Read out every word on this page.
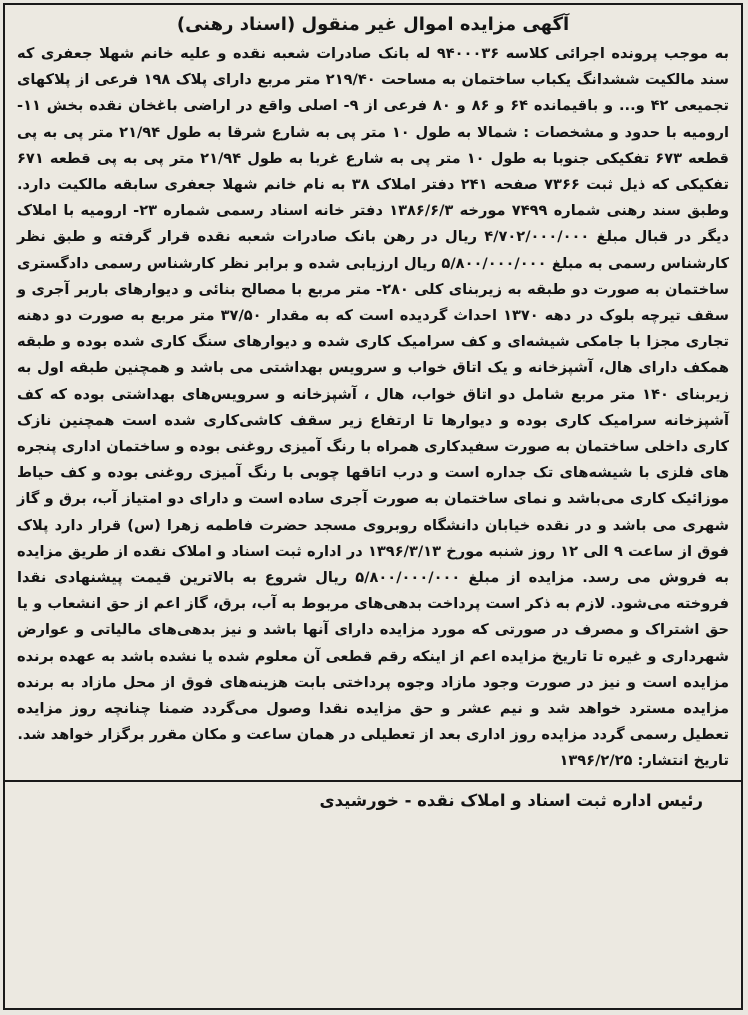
آگهی مزایده اموال غیر منقول (اسناد رهنی)

به موجب پرونده اجرائی کلاسه ۹۴۰۰۰۳۶ له بانک صادرات شعبه نقده و علیه خانم شهلا جعفری که سند مالکیت ششدانگ یکباب ساختمان به مساحت ۲۱۹/۴۰ متر مربع دارای پلاک ۱۹۸ فرعی از پلاکهای تجمیعی ۴۲ و... و باقیمانده ۶۴ و ۸۶ و ۸۰ فرعی از ۹- اصلی واقع در اراضی باغخان نقده بخش ۱۱- ارومیه با حدود و مشخصات : شمالا به طول ۱۰ متر پی به شارع شرقا به طول ۲۱/۹۴ متر پی به پی قطعه ۶۷۳ تفکیکی جنوبا به طول ۱۰ متر پی به شارع غربا به طول ۲۱/۹۴ متر پی به پی قطعه ۶۷۱ تفکیکی که ذیل ثبت ۷۳۶۶ صفحه ۲۴۱ دفتر املاک ۳۸ به نام خانم شهلا جعفری سابقه مالکیت دارد. وطبق سند رهنی شماره ۷۴۹۹ مورخه ۱۳۸۶/۶/۳ دفتر خانه اسناد رسمی شماره ۲۳- ارومیه با املاک دیگر در قبال مبلغ ۴/۷۰۲/۰۰۰/۰۰۰ ریال در رهن بانک صادرات شعبه نقده قرار گرفته و طبق نظر کارشناس رسمی به مبلغ ۵/۸۰۰/۰۰۰/۰۰۰ ریال ارزیابی شده و برابر نظر کارشناس رسمی دادگستری ساختمان به صورت دو طبقه به زیربنای کلی ۲۸۰- متر مربع با مصالح بنائی و دیوارهای باربر آجری و سقف تیرچه بلوک در دهه ۱۳۷۰ احداث گردیده است که به مقدار ۳۷/۵۰ متر مربع به صورت دو دهنه تجاری مجزا با جامکی شیشه‌ای و کف سرامیک کاری شده و دیوارهای سنگ کاری شده بوده و طبقه همکف دارای هال، آشپزخانه و یک اتاق خواب و سرویس بهداشتی می باشد و همچنین طبقه اول به زیربنای ۱۴۰ متر مربع شامل دو اتاق خواب، هال ، آشپزخانه و سرویس‌های بهداشتی بوده که کف آشپزخانه سرامیک کاری بوده و دیوارها تا ارتفاع زیر سقف کاشی‌کاری شده است همچنین نازک کاری داخلی ساختمان به صورت سفیدکاری همراه با رنگ آمیزی روغنی بوده و ساختمان اداری پنجره های فلزی با شیشه‌های تک جداره است و درب اتاقها چوبی با رنگ آمیزی روغنی بوده و کف حیاط موزائیک کاری می‌باشد و نمای ساختمان به صورت آجری ساده است و دارای دو امتیاز آب، برق و گاز شهری می باشد و در نقده خیابان دانشگاه روبروی مسجد حضرت فاطمه زهرا (س) قرار دارد پلاک فوق از ساعت ۹ الی ۱۲ روز شنبه مورخ ۱۳۹۶/۳/۱۳ در اداره ثبت اسناد و املاک نقده از طریق مزایده به فروش می رسد. مزایده از مبلغ ۵/۸۰۰/۰۰۰/۰۰۰ ریال شروع به بالاترین قیمت پیشنهادی نقدا فروخته می‌شود. لازم به ذکر است پرداخت بدهی‌های مربوط به آب، برق، گاز اعم از حق انشعاب و یا حق اشتراک و مصرف در صورتی که مورد مزایده دارای آنها باشد و نیز بدهی‌های مالیاتی و عوارض شهرداری و غیره تا تاریخ مزایده اعم از اینکه رقم قطعی آن معلوم شده یا نشده باشد به عهده برنده مزایده است و نیز در صورت وجود مازاد وجوه پرداختی بابت هزینه‌های فوق از محل مازاد به برنده مزایده مسترد خواهد شد و نیم عشر و حق مزایده نقدا وصول می‌گردد ضمنا چنانچه روز مزایده تعطیل رسمی گردد مزایده روز اداری بعد از تعطیلی در همان ساعت و مکان مقرر برگزار خواهد شد.

تاریخ انتشار: ۱۳۹۶/۲/۲۵

رئیس اداره ثبت اسناد و املاک نقده - خورشیدی
